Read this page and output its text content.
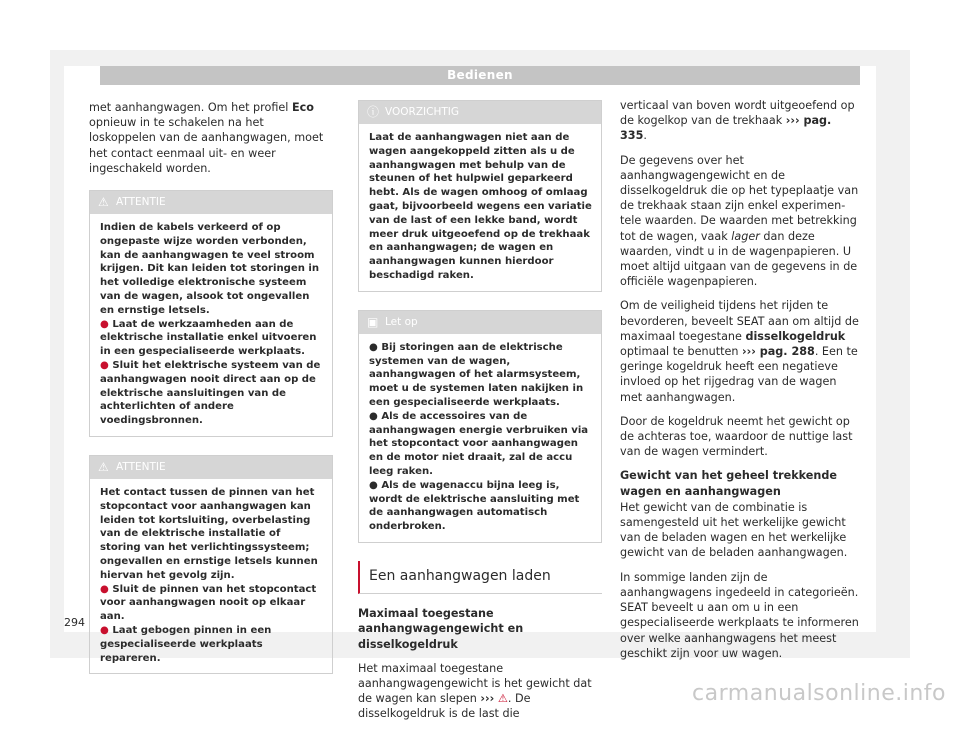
Bedienen

met aanhangwagen. Om het profiel Eco opnieuw in te schakelen na het loskoppelen van de aanhangwagen, moet het contact eenmaal uit- en weer ingeschakeld worden.

⚠ ATTENTIE
Indien de kabels verkeerd of op ongepaste wijze worden verbonden, kan de aanhangwagen te veel stroom krijgen. Dit kan leiden tot storingen in het volledige elektronische systeem van de wagen, alsook tot ongevallen en ernstige letsels.
● Laat de werkzaamheden aan de elektrische installatie enkel uitvoeren in een gespecialiseerde werkplaats.
● Sluit het elektrische systeem van de aanhangwagen nooit direct aan op de elektrische aansluitingen van de achterlichten of andere voedingsbronnen.
⚠ ATTENTIE
Het contact tussen de pinnen van het stopcontact voor aanhangwagen kan leiden tot kortsluiting, overbelasting van de elektrische installatie of storing van het verlichtingssysteem; ongevallen en ernstige letsels kunnen hiervan het gevolg zijn.
● Sluit de pinnen van het stopcontact voor aanhangwagen nooit op elkaar aan.
● Laat gebogen pinnen in een gespecialiseerde werkplaats repareren.
ⓘ VOORZICHTIG
Laat de aanhangwagen niet aan de wagen aangekoppeld zitten als u de aanhangwagen met behulp van de steunen of het hulpwiel geparkeerd hebt. Als de wagen omhoog of omlaag gaat, bijvoorbeeld wegens een variatie van de last of een lekke band, wordt meer druk uitgeoefend op de trekhaak en aanhangwagen; de wagen en aanhangwagen kunnen hierdoor beschadigd raken.
▣ Let op
● Bij storingen aan de elektrische systemen van de wagen, aanhangwagen of het alarmsysteem, moet u de systemen laten nakijken in een gespecialiseerde werkplaats.
● Als de accessoires van de aanhangwagen energie verbruiken via het stopcontact voor aanhangwagen en de motor niet draait, zal de accu leeg raken.
● Als de wagenaccu bijna leeg is, wordt de elektrische aansluiting met de aanhangwagen automatisch onderbroken.
Een aanhangwagen laden

Maximaal toegestane aanhangwagengewicht en disselkogeldruk

Het maximaal toegestane aanhangwagengewicht is het gewicht dat de wagen kan slepen ››› ⚠. De disselkogeldruk is de last die

verticaal van boven wordt uitgeoefend op de kogelkop van de trekhaak ››› pag. 335.

De gegevens over het aanhangwagengewicht en de disselkogeldruk die op het typeplaatje van de trekhaak staan zijn enkel experimentele waarden. De waarden met betrekking tot de wagen, vaak lager dan deze waarden, vindt u in de wagenpapieren. U moet altijd uitgaan van de gegevens in de officiële wagenpapieren.

Om de veiligheid tijdens het rijden te bevorderen, beveelt SEAT aan om altijd de maximaal toegestane disselkogeldruk optimaal te benutten ››› pag. 288. Een te geringe kogeldruk heeft een negatieve invloed op het rijgedrag van de wagen met aanhangwagen.

Door de kogeldruk neemt het gewicht op de achteras toe, waardoor de nuttige last van de wagen vermindert.

Gewicht van het geheel trekkende wagen en aanhangwagen

Het gewicht van de combinatie is samengesteld uit het werkelijke gewicht van de beladen wagen en het werkelijke gewicht van de beladen aanhangwagen.

In sommige landen zijn de aanhangwagens ingedeeld in categorieën. SEAT beveelt u aan om u in een gespecialiseerde werkplaats te informeren over welke aanhangwagens het meest geschikt zijn voor uw wagen.

294
carmanualsonline.info
